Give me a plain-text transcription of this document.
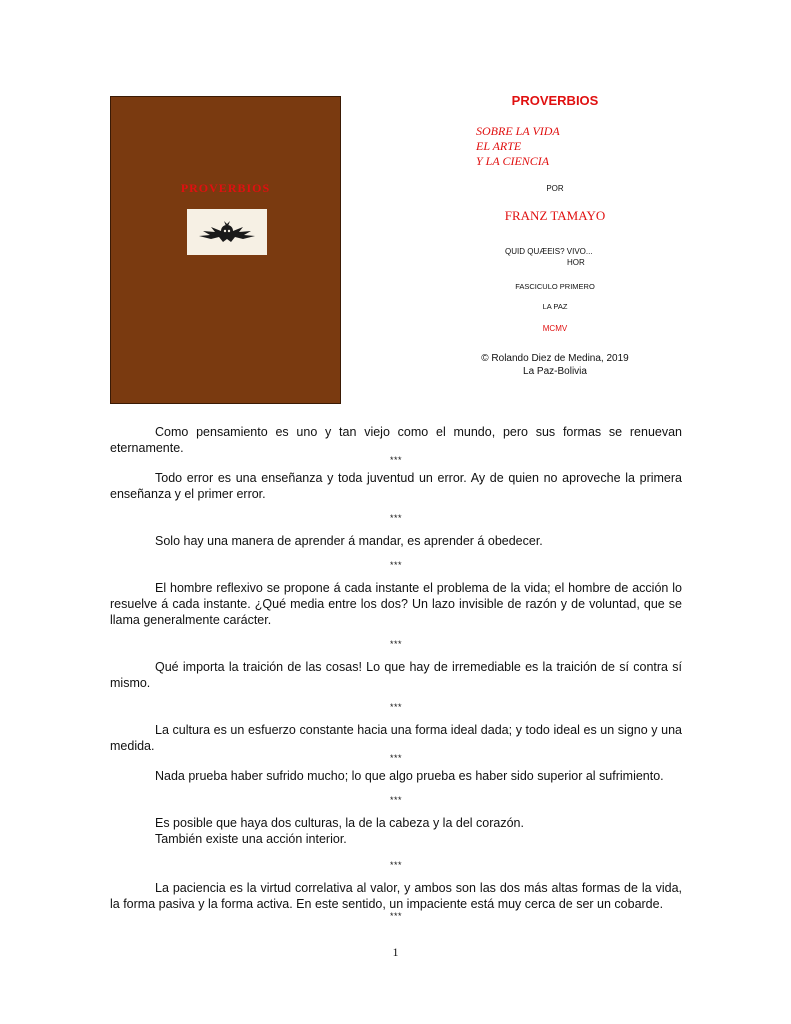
PROVERBIOS
PROVERBIOS
SOBRE LA VIDA
EL ARTE
Y LA CIENCIA
POR
FRANZ TAMAYO
QUID QUÆEIS? VIVO...
HOR
FASCICULO PRIMERO
LA PAZ
MCMV
© Rolando Diez de Medina, 2019
La Paz-Bolivia

Como pensamiento es uno y tan viejo como el mundo, pero sus formas se renuevan eternamente.

***

Todo error es una enseñanza y toda juventud un error. Ay de quien no aproveche la primera enseñanza y el primer error.

***

Solo hay una manera de aprender á mandar, es aprender á obedecer.

***

El hombre reflexivo se propone á cada instante el problema de la vida; el hombre de acción lo resuelve á cada instante. ¿Qué media entre los dos? Un lazo invisible de razón y de voluntad, que se llama generalmente carácter.

***

Qué importa la traición de las cosas! Lo que hay de irremediable es la traición de sí contra sí mismo.

***

La cultura es un esfuerzo constante hacia una forma ideal dada; y todo ideal es un signo y una medida.

***

Nada prueba haber sufrido mucho; lo que algo prueba es haber sido superior al sufrimiento.

***

Es posible que haya dos culturas, la de la cabeza y la del corazón.

También existe una acción interior.

***

La paciencia es la virtud correlativa al valor, y ambos son las dos más altas formas de la vida, la forma pasiva y la forma activa. En este sentido, un impaciente está muy cerca de ser un cobarde.

***
1
